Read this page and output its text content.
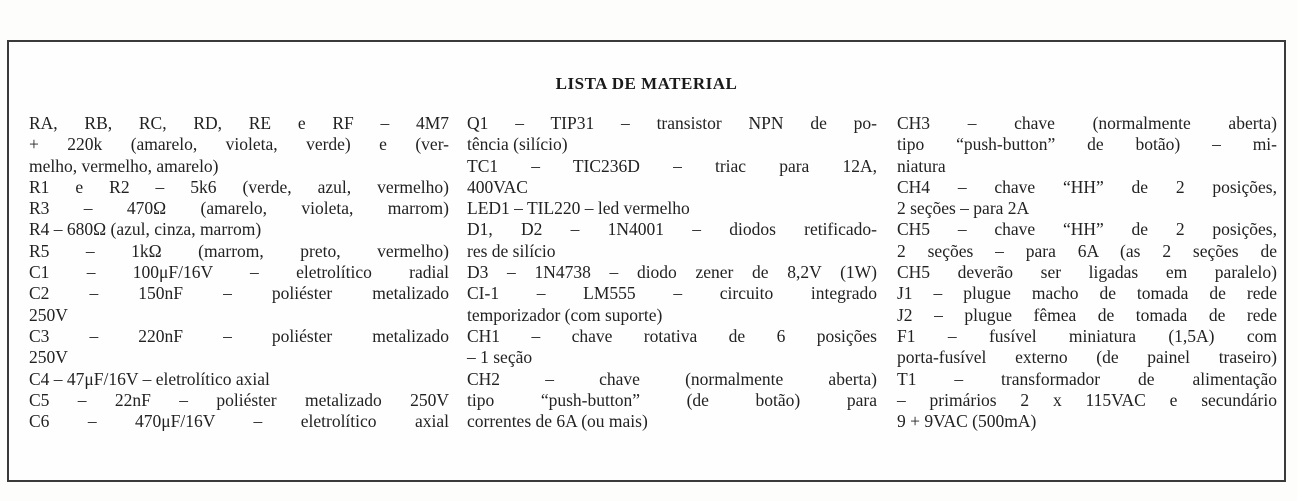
LISTA DE MATERIAL
RA, RB, RC, RD, RE e RF – 4M7
+ 220k (amarelo, violeta, verde) e (ver-
melho, vermelho, amarelo)
R1 e R2 – 5k6 (verde, azul, vermelho)
R3 – 470Ω (amarelo, violeta, marrom)
R4 – 680Ω (azul, cinza, marrom)
R5 – 1kΩ (marrom, preto, vermelho)
C1 – 100μF/16V – eletrolítico radial
C2 – 150nF – poliéster metalizado
250V
C3 – 220nF – poliéster metalizado
250V
C4 – 47μF/16V – eletrolítico axial
C5 – 22nF – poliéster metalizado 250V
C6 – 470μF/16V – eletrolítico axial
Q1 – TIP31 – transistor NPN de po-
tência (silício)
TC1 – TIC236D – triac para 12A,
400VAC
LED1 – TIL220 – led vermelho
D1, D2 – 1N4001 – diodos retificado-
res de silício
D3 – 1N4738 – diodo zener de 8,2V (1W)
CI-1 – LM555 – circuito integrado
temporizador (com suporte)
CH1 – chave rotativa de 6 posições
– 1 seção
CH2 – chave (normalmente aberta)
tipo “push-button” (de botão) para
correntes de 6A (ou mais)
CH3 – chave (normalmente aberta)
tipo “push-button” de botão) – mi-
niatura
CH4 – chave “HH” de 2 posições,
2 seções – para 2A
CH5 – chave “HH” de 2 posições,
2 seções – para 6A (as 2 seções de
CH5 deverão ser ligadas em paralelo)
J1 – plugue macho de tomada de rede
J2 – plugue fêmea de tomada de rede
F1 – fusível miniatura (1,5A) com
porta-fusível externo (de painel traseiro)
T1 – transformador de alimentação
– primários 2 x 115VAC e secundário
9 + 9VAC (500mA)
